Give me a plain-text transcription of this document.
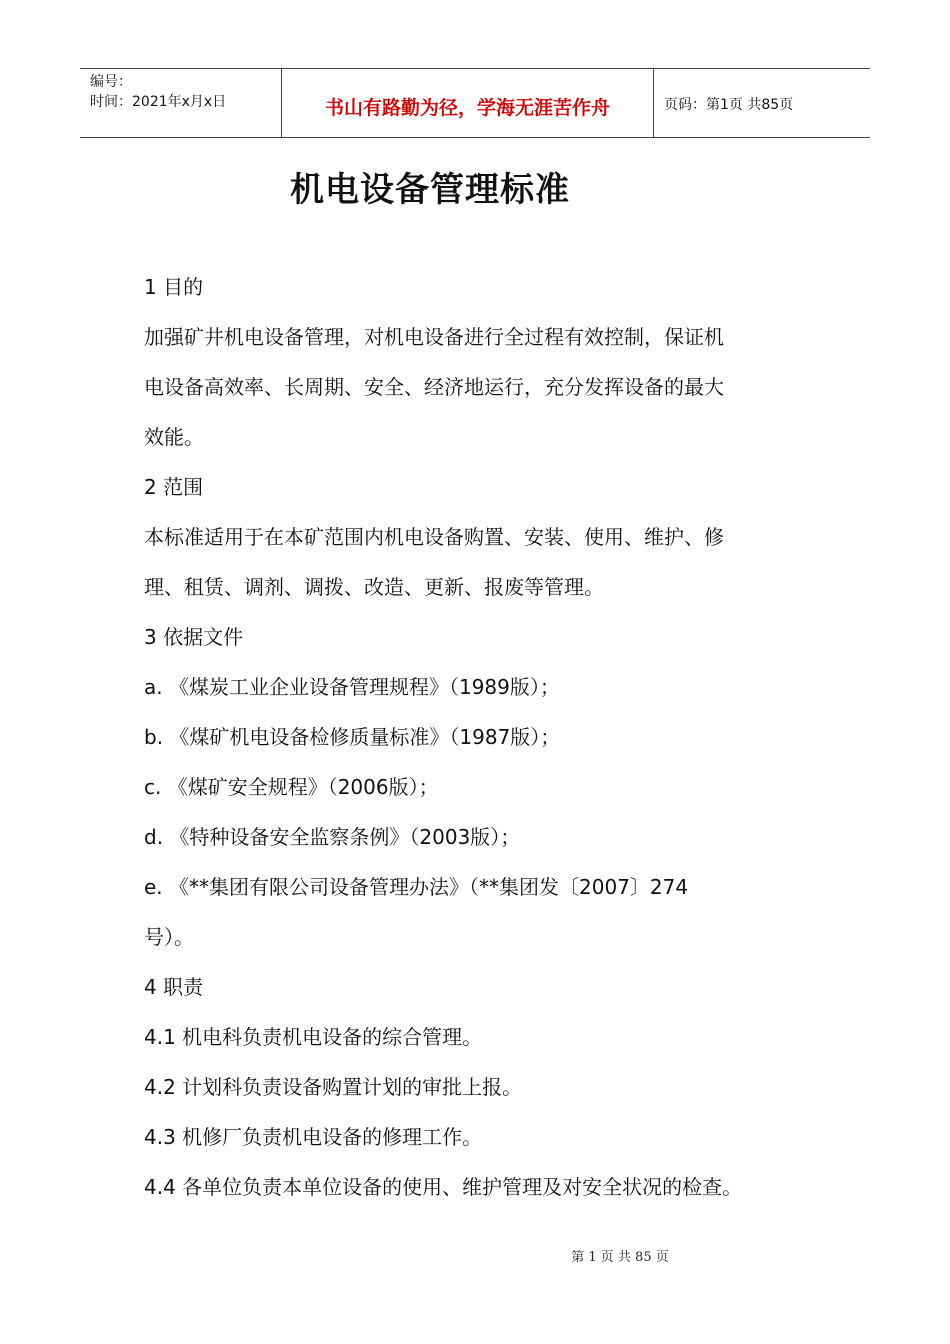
编号：
时间：2021年x月x日	书山有路勤为径，学海无涯苦作舟	页码：第1页 共85页
机电设备管理标准

1 目的

加强矿井机电设备管理，对机电设备进行全过程有效控制，保证机

电设备高效率、长周期、安全、经济地运行，充分发挥设备的最大

效能。

2 范围

本标准适用于在本矿范围内机电设备购置、安装、使用、维护、修

理、租赁、调剂、调拨、改造、更新、报废等管理。

3 依据文件

a. 《煤炭工业企业设备管理规程》（1989版）；

b. 《煤矿机电设备检修质量标准》（1987版）；

c. 《煤矿安全规程》（2006版）；

d. 《特种设备安全监察条例》（2003版）；

e. 《**集团有限公司设备管理办法》（**集团发〔2007〕274

号）。

4 职责

4.1 机电科负责机电设备的综合管理。

4.2 计划科负责设备购置计划的审批上报。

4.3 机修厂负责机电设备的修理工作。

4.4 各单位负责本单位设备的使用、维护管理及对安全状况的检查。

第 1 页 共 85 页
